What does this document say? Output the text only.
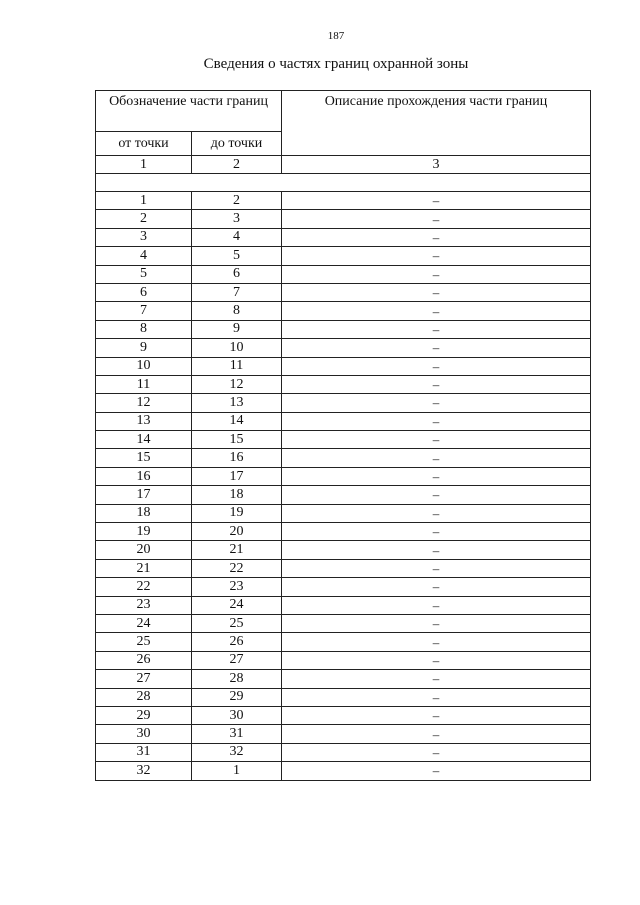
187
Сведения о частях границ охранной зоны
Обозначение части границ		Описание прохождения части границ
от точки	до точки	
1	2	3

1	2	–
2	3	–
3	4	–
4	5	–
5	6	–
6	7	–
7	8	–
8	9	–
9	10	–
10	11	–
11	12	–
12	13	–
13	14	–
14	15	–
15	16	–
16	17	–
17	18	–
18	19	–
19	20	–
20	21	–
21	22	–
22	23	–
23	24	–
24	25	–
25	26	–
26	27	–
27	28	–
28	29	–
29	30	–
30	31	–
31	32	–
32	1	–
